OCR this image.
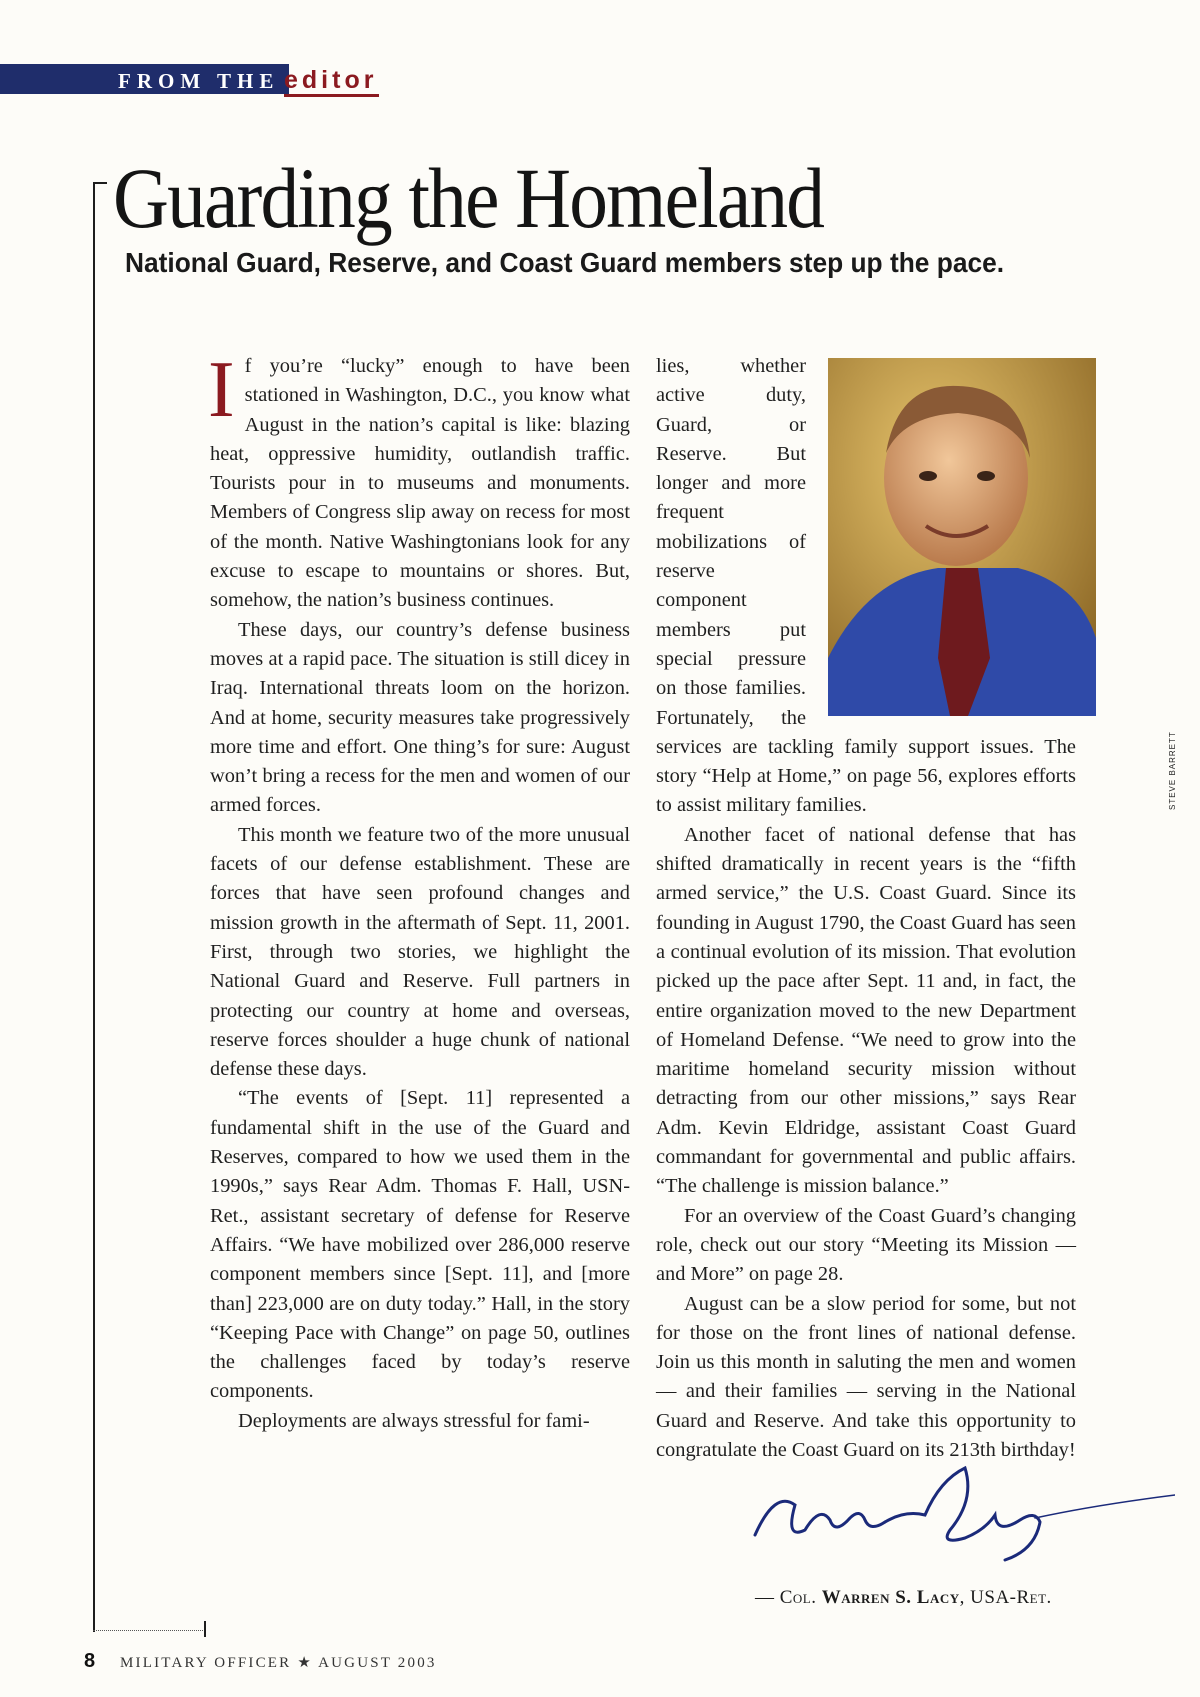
FROM THE editor
Guarding the Homeland
National Guard, Reserve, and Coast Guard members step up the pace.

If you’re “lucky” enough to have been stationed in Washington, D.C., you know what August in the nation’s capital is like: blazing heat, oppressive humidity, outlandish traffic. Tourists pour in to museums and monuments. Members of Congress slip away on recess for most of the month. Native Washingtonians look for any excuse to escape to mountains or shores. But, somehow, the nation’s business continues.

These days, our country’s defense business moves at a rapid pace. The situation is still dicey in Iraq. International threats loom on the horizon. And at home, security measures take progressively more time and effort. One thing’s for sure: August won’t bring a recess for the men and women of our armed forces.

This month we feature two of the more unusual facets of our defense establishment. These are forces that have seen profound changes and mission growth in the aftermath of Sept. 11, 2001. First, through two stories, we highlight the National Guard and Reserve. Full partners in protecting our country at home and overseas, reserve forces shoulder a huge chunk of national defense these days.

“The events of [Sept. 11] represented a fundamental shift in the use of the Guard and Reserves, compared to how we used them in the 1990s,” says Rear Adm. Thomas F. Hall, USN-Ret., assistant secretary of defense for Reserve Affairs. “We have mobilized over 286,000 reserve component members since [Sept. 11], and [more than] 223,000 are on duty today.” Hall, in the story “Keeping Pace with Change” on page 50, outlines the challenges faced by today’s reserve components.

Deployments are always stressful for fami-

lies, whether active duty, Guard, or Reserve. But longer and more frequent mobilizations of reserve component members put special pressure on those families. Fortunately, the services are tackling family support issues. The story “Help at Home,” on page 56, explores efforts to assist military families.

Another facet of national defense that has shifted dramatically in recent years is the “fifth armed service,” the U.S. Coast Guard. Since its founding in August 1790, the Coast Guard has seen a continual evolution of its mission. That evolution picked up the pace after Sept. 11 and, in fact, the entire organization moved to the new Department of Homeland Defense. “We need to grow into the maritime homeland security mission without detracting from our other missions,” says Rear Adm. Kevin Eldridge, assistant Coast Guard commandant for governmental and public affairs. “The challenge is mission balance.”

For an overview of the Coast Guard’s changing role, check out our story “Meeting its Mission — and More” on page 28.

August can be a slow period for some, but not for those on the front lines of national defense. Join us this month in saluting the men and women — and their families — serving in the National Guard and Reserve. And take this opportunity to congratulate the Coast Guard on its 213th birthday!

STEVE BARRETT
— Col. Warren S. Lacy, USA-Ret.
8 MILITARY OFFICER ★ AUGUST 2003
